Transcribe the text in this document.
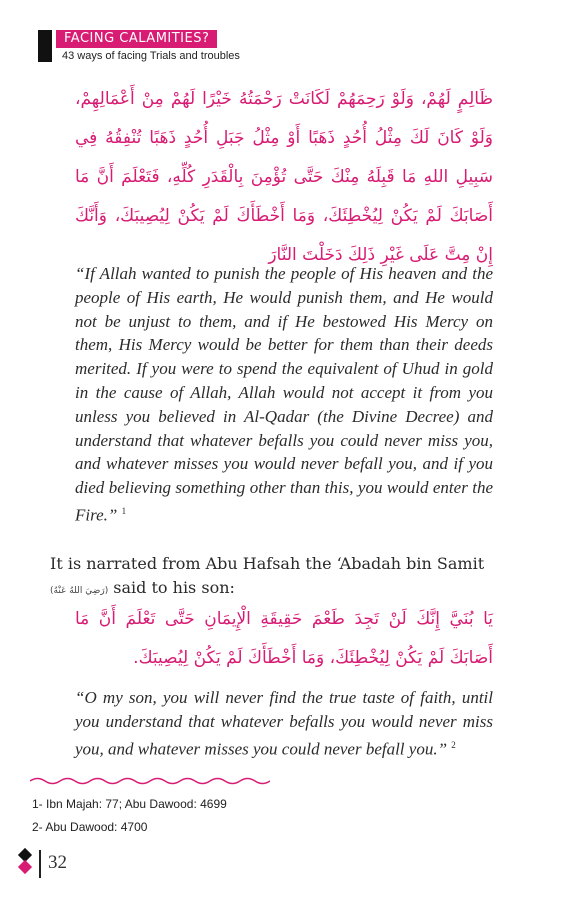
FACING CALAMITIES?
43 ways of facing Trials and troubles
ظَالِمٍ لَهُمْ، وَلَوْ رَحِمَهُمْ لَكَانَتْ رَحْمَتُهُ خَيْرًا لَهُمْ مِنْ أَعْمَالِهِمْ، وَلَوْ كَانَ لَكَ مِثْلُ أُحُدٍ ذَهَبًا أَوْ مِثْلُ جَبَلِ أُحُدٍ ذَهَبًا تُنْفِقُهُ فِي سَبِيلِ اللهِ مَا قَبِلَهُ مِنْكَ حَتَّى تُؤْمِنَ بِالْقَدَرِ كُلِّهِ، فَتَعْلَمَ أَنَّ مَا أَصَابَكَ لَمْ يَكُنْ لِيُخْطِئَكَ، وَمَا أَخْطَأَكَ لَمْ يَكُنْ لِيُصِيبَكَ، وَأَنَّكَ إِنْ مِتَّ عَلَى غَيْرِ ذَلِكَ دَخَلْتَ النَّارَ
“If Allah wanted to punish the people of His heaven and the people of His earth, He would punish them, and He would not be unjust to them, and if He bestowed His Mercy on them, His Mercy would be better for them than their deeds merited. If you were to spend the equivalent of Uhud in gold in the cause of Allah, Allah would not accept it from you unless you believed in Al-Qadar (the Divine Decree) and understand that whatever befalls you could never miss you, and whatever misses you would never befall you, and if you died believing something other than this, you would enter the Fire.” $^1$
It is narrated from Abu Hafsah the ‘Abadah bin Samit
(رَضِيَ اللهُ عَنْهُ) said to his son:
يَا بُنَيَّ إِنَّكَ لَنْ تَجِدَ طَعْمَ حَقِيقَةِ الْإِيمَانِ حَتَّى تَعْلَمَ أَنَّ مَا أَصَابَكَ لَمْ يَكُنْ لِيُخْطِئَكَ، وَمَا أَخْطَأَكَ لَمْ يَكُنْ لِيُصِيبَكَ.
“O my son, you will never find the true taste of faith, until you understand that whatever befalls you would never miss you, and whatever misses you could never befall you.” $^2$
1- Ibn Majah: 77; Abu Dawood: 4699
2- Abu Dawood: 4700
32
